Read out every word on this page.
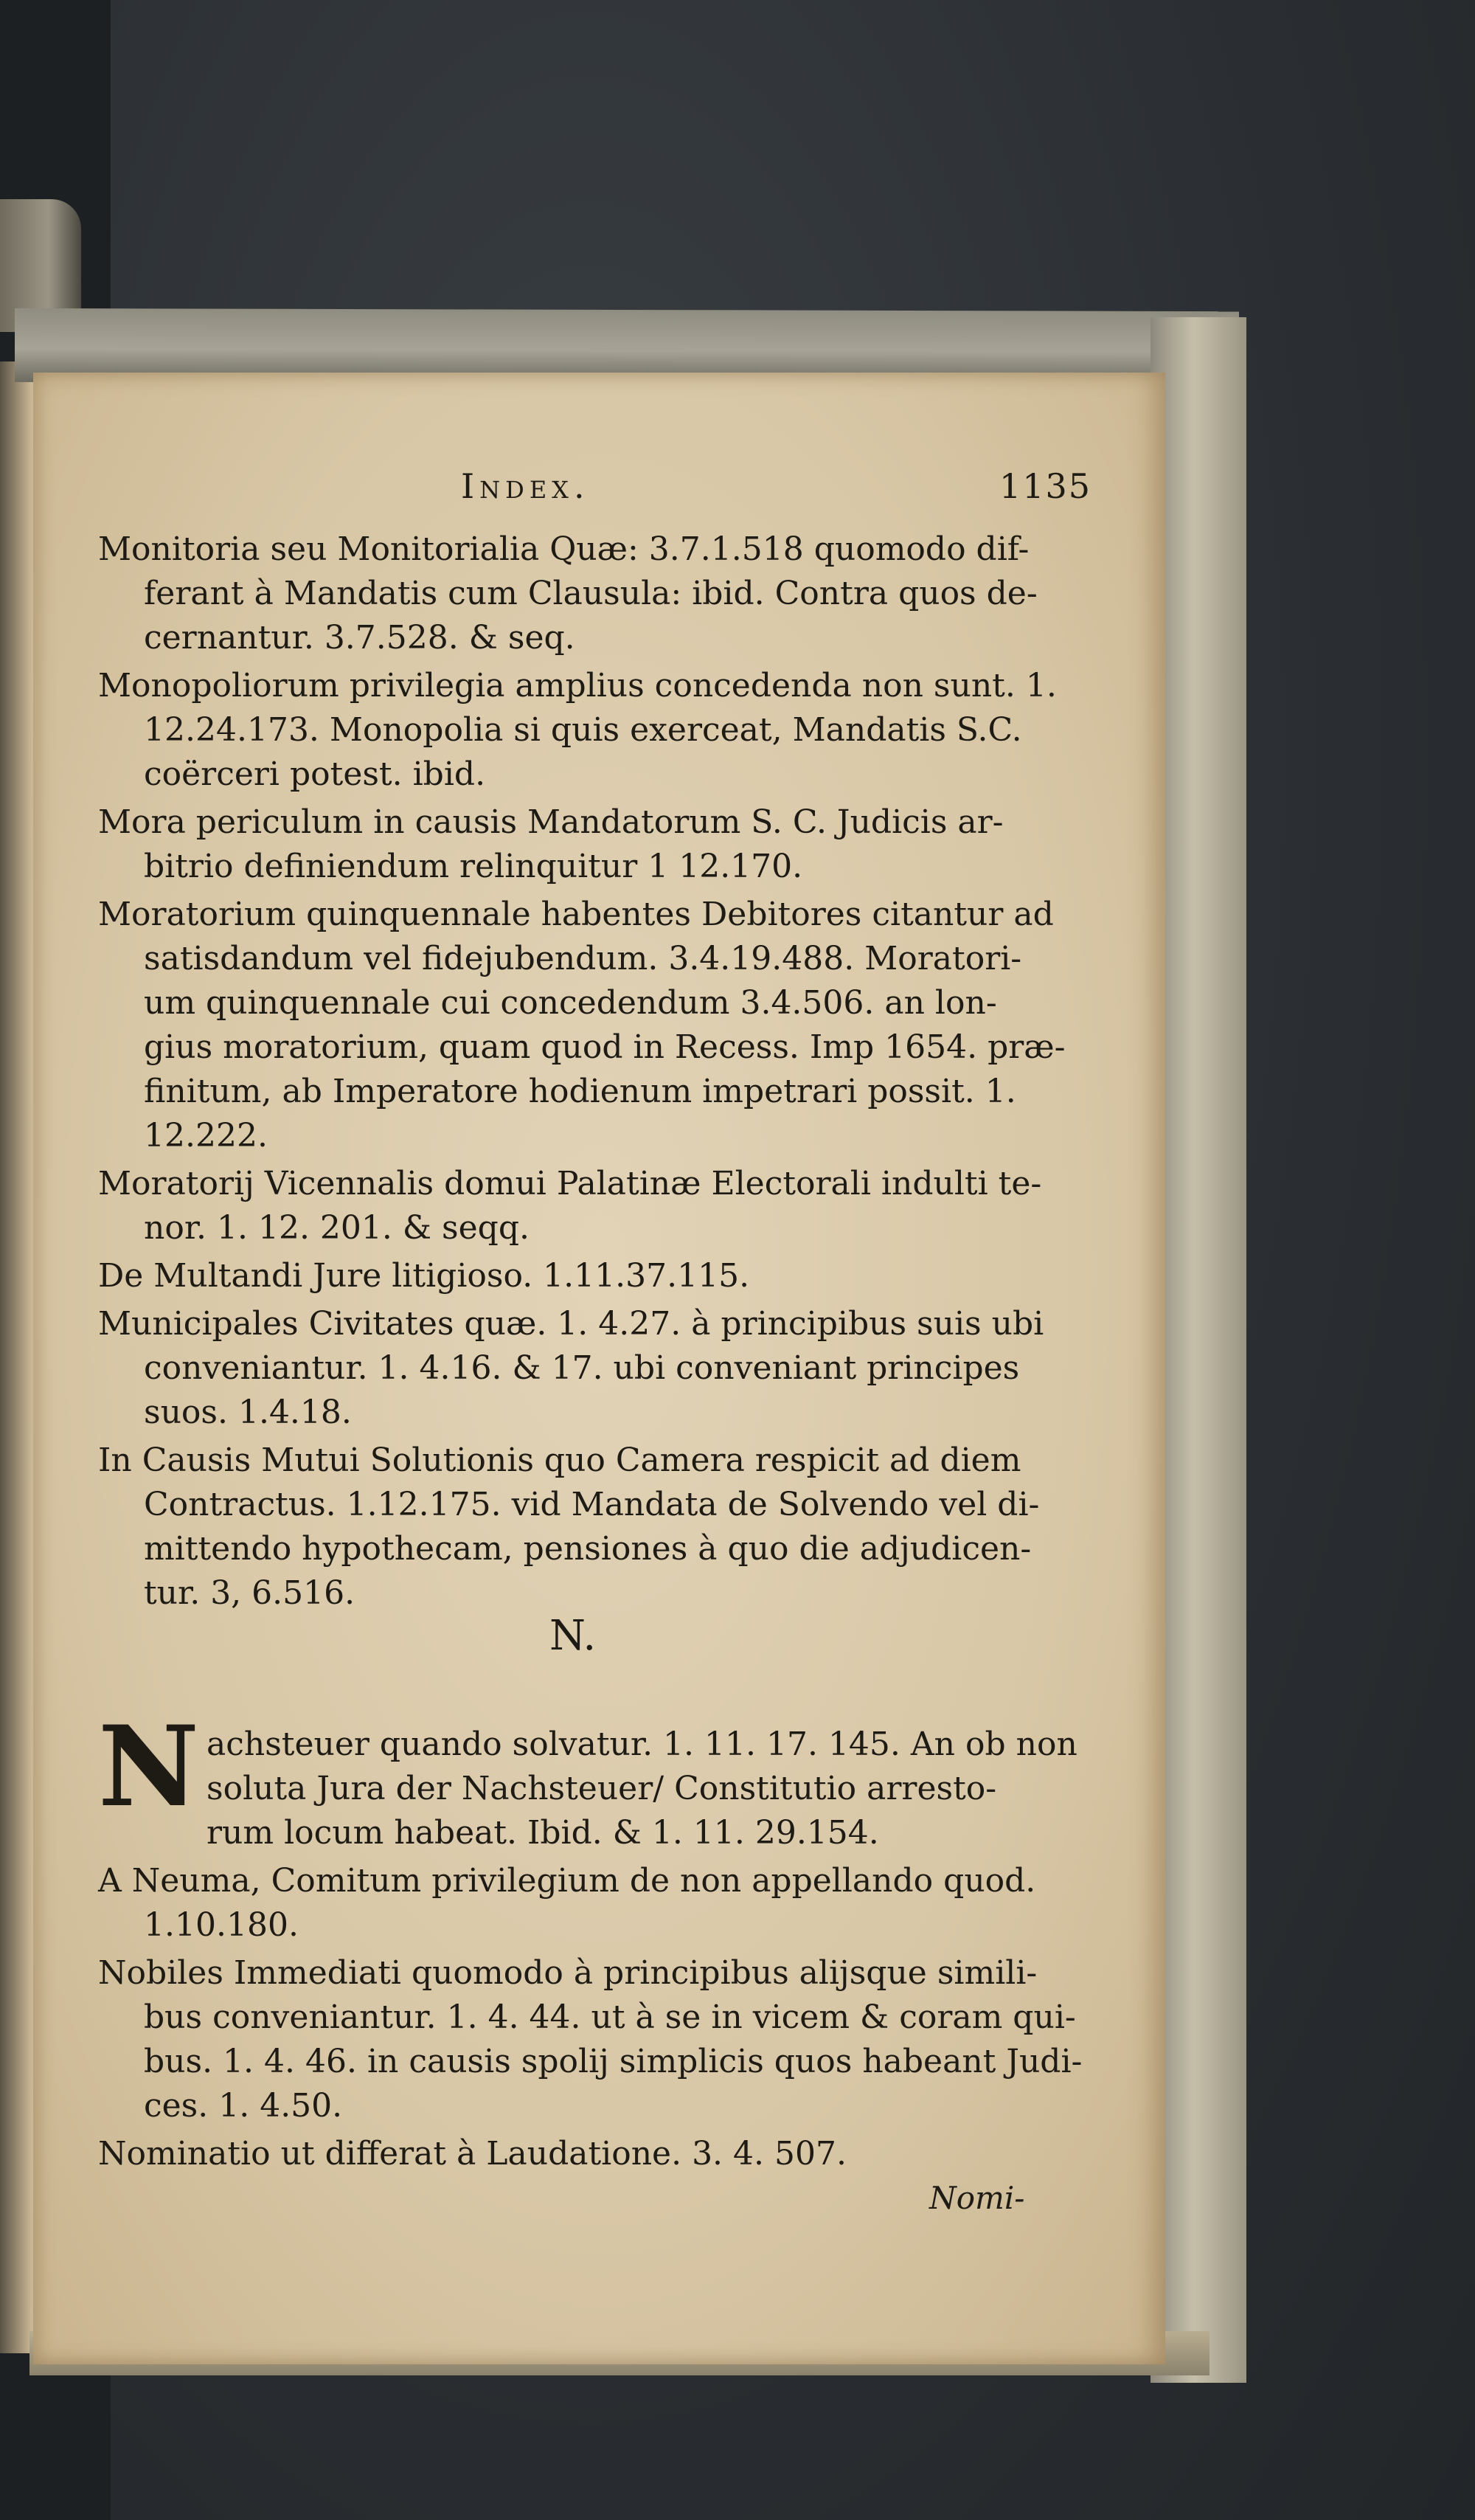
Index.	1135
Monitoria seu Monitorialia Quæ: 3.7.1.518 quomodo dif-
ferant à Mandatis cum Clausula: ibid. Contra quos de-
cernantur. 3.7.528. & seq.
Monopoliorum privilegia amplius concedenda non sunt. 1.
12.24.173. Monopolia si quis exerceat, Mandatis S.C.
coërceri potest. ibid.
Mora periculum in causis Mandatorum S. C. Judicis ar-
bitrio definiendum relinquitur 1 12.170.
Moratorium quinquennale habentes Debitores citantur ad
satisdandum vel fidejubendum. 3.4.19.488. Moratori-
um quinquennale cui concedendum 3.4.506. an lon-
gius moratorium, quam quod in Recess. Imp 1654. præ-
finitum, ab Imperatore hodienum impetrari possit. 1.
12.222.
Moratorij Vicennalis domui Palatinæ Electorali indulti te-
nor. 1. 12. 201. & seqq.
De Multandi Jure litigioso. 1.11.37.115.
Municipales Civitates quæ. 1. 4.27. à principibus suis ubi
conveniantur. 1. 4.16. & 17. ubi conveniant principes
suos. 1.4.18.
In Causis Mutui Solutionis quo Camera respicit ad diem
Contractus. 1.12.175. vid Mandata de Solvendo vel di-
mittendo hypothecam, pensiones à quo die adjudicen-
tur. 3, 6.516.
N.
N achsteuer quando solvatur. 1. 11. 17. 145. An ob non
soluta Jura der Nachsteuer/ Constitutio arresto-
rum locum habeat. Ibid. & 1. 11. 29.154.
A Neuma, Comitum privilegium de non appellando quod.
1.10.180.
Nobiles Immediati quomodo à principibus alijsque simili-
bus conveniantur. 1. 4. 44. ut à se in vicem & coram qui-
bus. 1. 4. 46. in causis spolij simplicis quos habeant Judi-
ces. 1. 4.50.
Nominatio ut differat à Laudatione. 3. 4. 507.
Nomi-
